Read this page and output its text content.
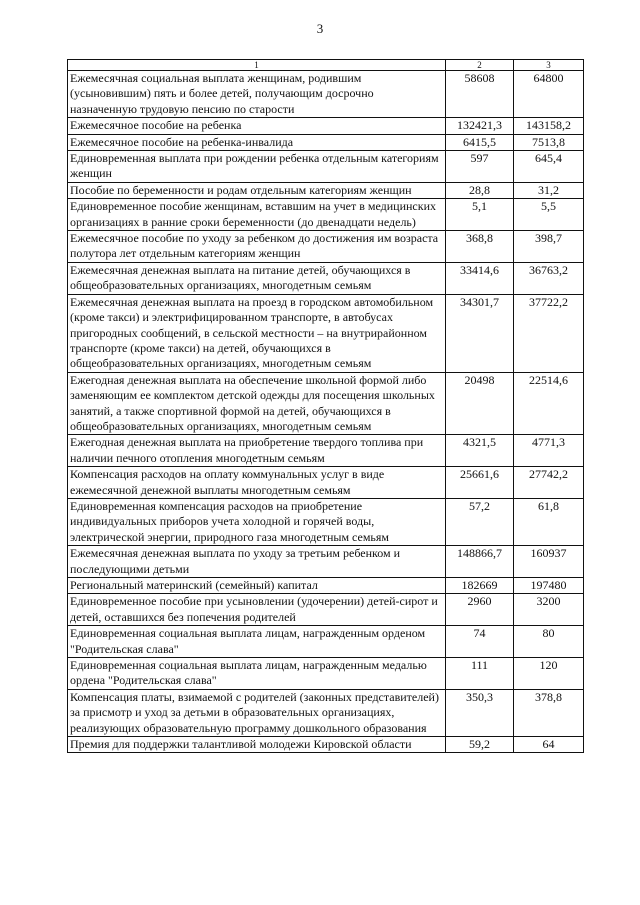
3
1	2	3
Ежемесячная социальная выплата женщинам, родившим (усыновившим) пять и более детей, получающим досрочно назначенную трудовую пенсию по старости	58608	64800
Ежемесячное пособие на ребенка	132421,3	143158,2
Ежемесячное пособие на ребенка-инвалида	6415,5	7513,8
Единовременная выплата при рождении ребенка отдельным категориям женщин	597	645,4
Пособие по беременности и родам отдельным категориям женщин	28,8	31,2
Единовременное пособие женщинам, вставшим на учет в медицинских организациях в ранние сроки беременности (до двенадцати недель)	5,1	5,5
Ежемесячное пособие по уходу за ребенком до достижения им возраста полутора лет отдельным категориям женщин	368,8	398,7
Ежемесячная денежная выплата на питание детей, обучающихся в общеобразовательных организациях, многодетным семьям	33414,6	36763,2
Ежемесячная денежная выплата на проезд в городском автомобильном (кроме такси) и электрифицированном транспорте, в автобусах пригородных сообщений, в сельской местности – на внутрирайонном транспорте (кроме такси) на детей, обучающихся в общеобразовательных организациях, многодетным семьям	34301,7	37722,2
Ежегодная денежная выплата на обеспечение школьной формой либо заменяющим ее комплектом детской одежды для посещения школьных занятий, а также спортивной формой на детей, обучающихся в общеобразовательных организациях, многодетным семьям	20498	22514,6
Ежегодная денежная выплата на приобретение твердого топлива при наличии печного отопления многодетным семьям	4321,5	4771,3
Компенсация расходов на оплату коммунальных услуг в виде ежемесячной денежной выплаты многодетным семьям	25661,6	27742,2
Единовременная компенсация расходов на приобретение индивидуальных приборов учета холодной и горячей воды, электрической энергии, природного газа многодетным семьям	57,2	61,8
Ежемесячная денежная выплата по уходу за третьим ребенком и последующими детьми	148866,7	160937
Региональный материнский (семейный) капитал	182669	197480
Единовременное пособие при усыновлении (удочерении) детей-сирот и детей, оставшихся без попечения родителей	2960	3200
Единовременная социальная выплата лицам, награжденным орденом "Родительская слава"	74	80
Единовременная социальная выплата лицам, награжденным медалью ордена "Родительская слава"	111	120
Компенсация платы, взимаемой с родителей (законных представителей) за присмотр и уход за детьми в образовательных организациях, реализующих образовательную программу дошкольного образования	350,3	378,8
Премия для поддержки талантливой молодежи Кировской области	59,2	64
